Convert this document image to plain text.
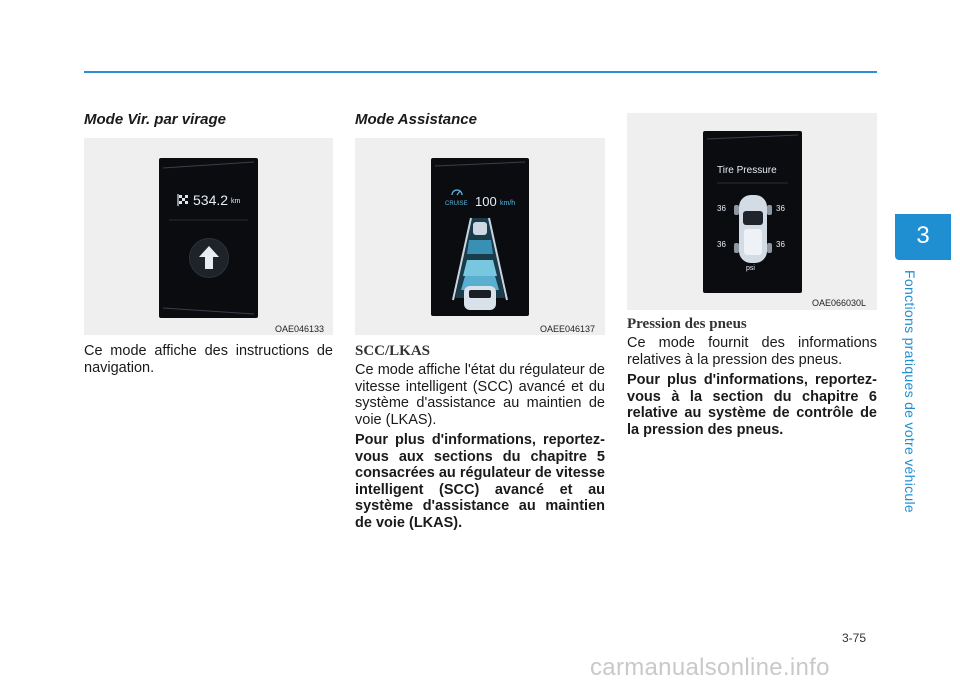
3
Fonctions pratiques de votre véhicule
Mode Vir. par virage
534.2 km
OAE046133
Ce mode affiche des instructions de navigation.
Mode Assistance
CRUISE 100 km/h
OAEE046137
SCC/LKAS
Ce mode affiche l'état du régulateur de vitesse intelligent (SCC) avancé et du système d'assistance au maintien de voie (LKAS).
Pour plus d'informations, reportez-vous aux sections du chapitre 5 consacrées au régulateur de vitesse intelligent (SCC) avancé et au système d'assistance au maintien de voie (LKAS).
Tire Pressure
36	36
36	36
psi
OAE066030L
Pression des pneus
Ce mode fournit des informations relatives à la pression des pneus.
Pour plus d'informations, reportez-vous à la section du chapitre 6 relative au système de contrôle de la pression des pneus.
3-75
carmanualsonline.info
